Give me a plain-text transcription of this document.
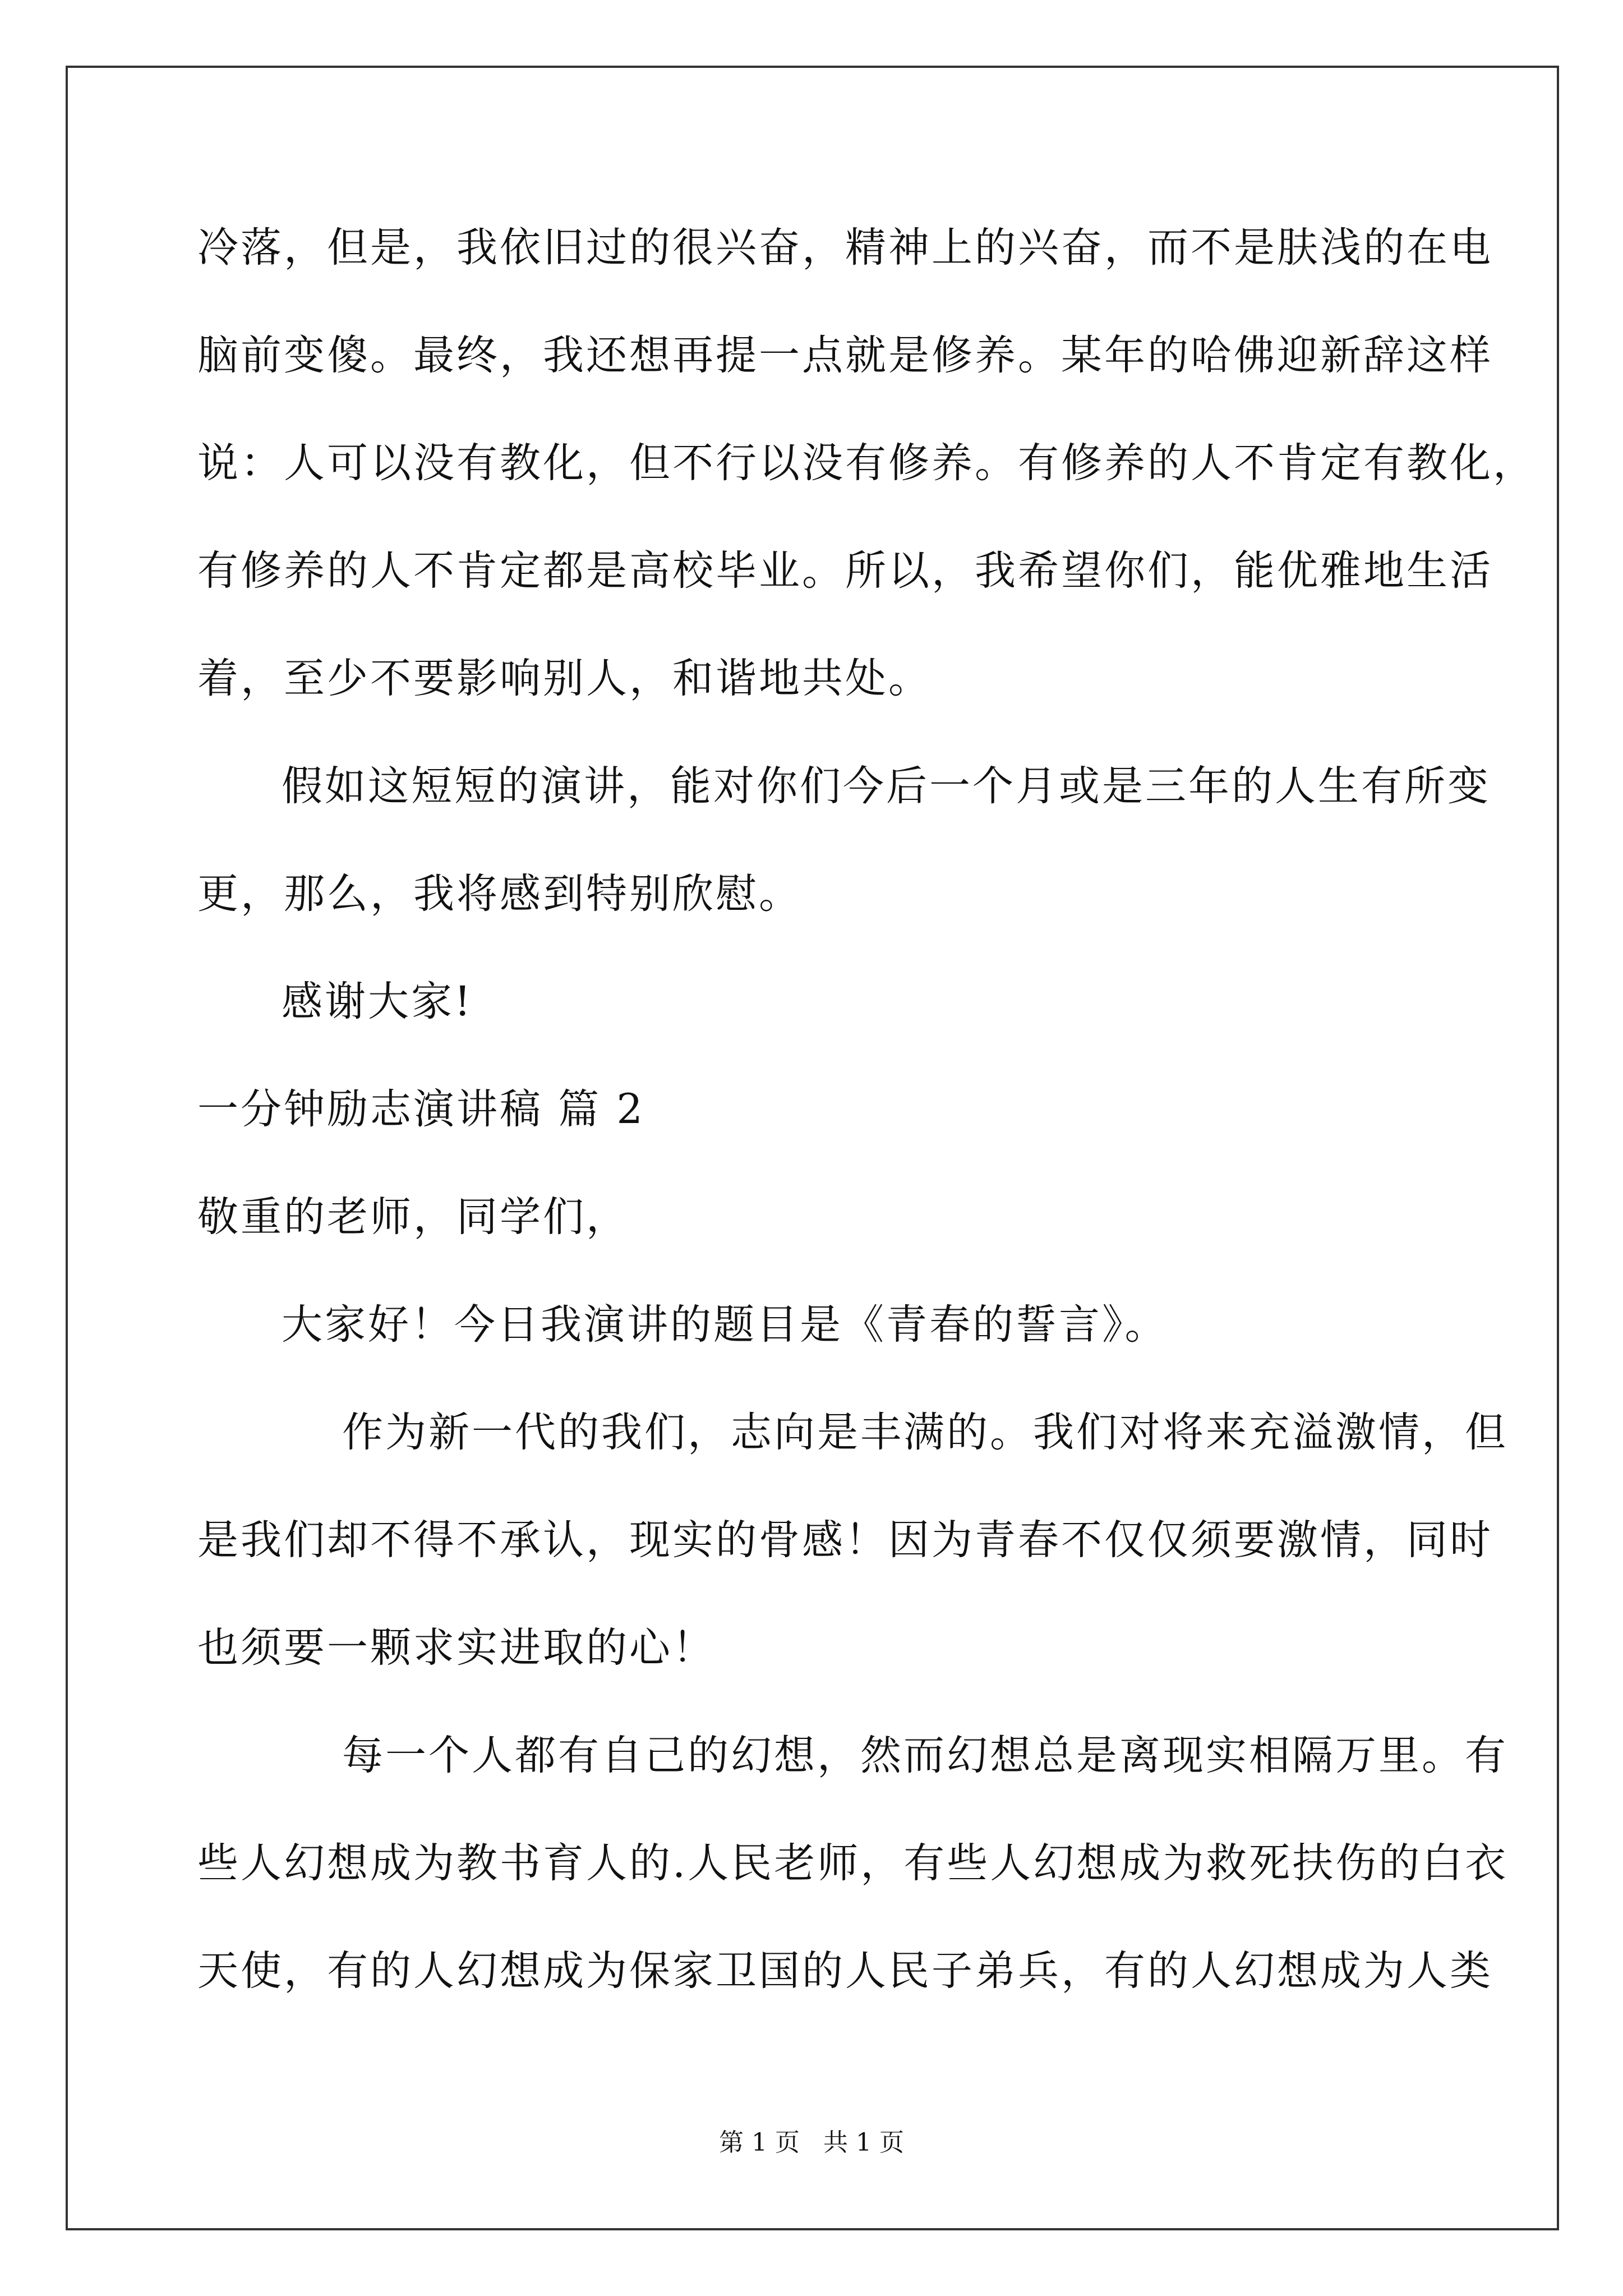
冷落，但是，我依旧过的很兴奋，精神上的兴奋，而不是肤浅的在电
脑前变傻。最终，我还想再提一点就是修养。某年的哈佛迎新辞这样
说：人可以没有教化，但不行以没有修养。有修养的人不肯定有教化，
有修养的人不肯定都是高校毕业。所以，我希望你们，能优雅地生活
着，至少不要影响别人，和谐地共处。
假如这短短的演讲，能对你们今后一个月或是三年的人生有所变
更，那么，我将感到特别欣慰。
感谢大家!
一分钟励志演讲稿 篇 2
敬重的老师，同学们，
大家好！今日我演讲的题目是《青春的誓言》。
作为新一代的我们，志向是丰满的。我们对将来充溢激情，但
是我们却不得不承认，现实的骨感！因为青春不仅仅须要激情，同时
也须要一颗求实进取的心！
每一个人都有自己的幻想，然而幻想总是离现实相隔万里。有
些人幻想成为教书育人的.人民老师，有些人幻想成为救死扶伤的白衣
天使，有的人幻想成为保家卫国的人民子弟兵，有的人幻想成为人类
第 1 页 共 1 页
